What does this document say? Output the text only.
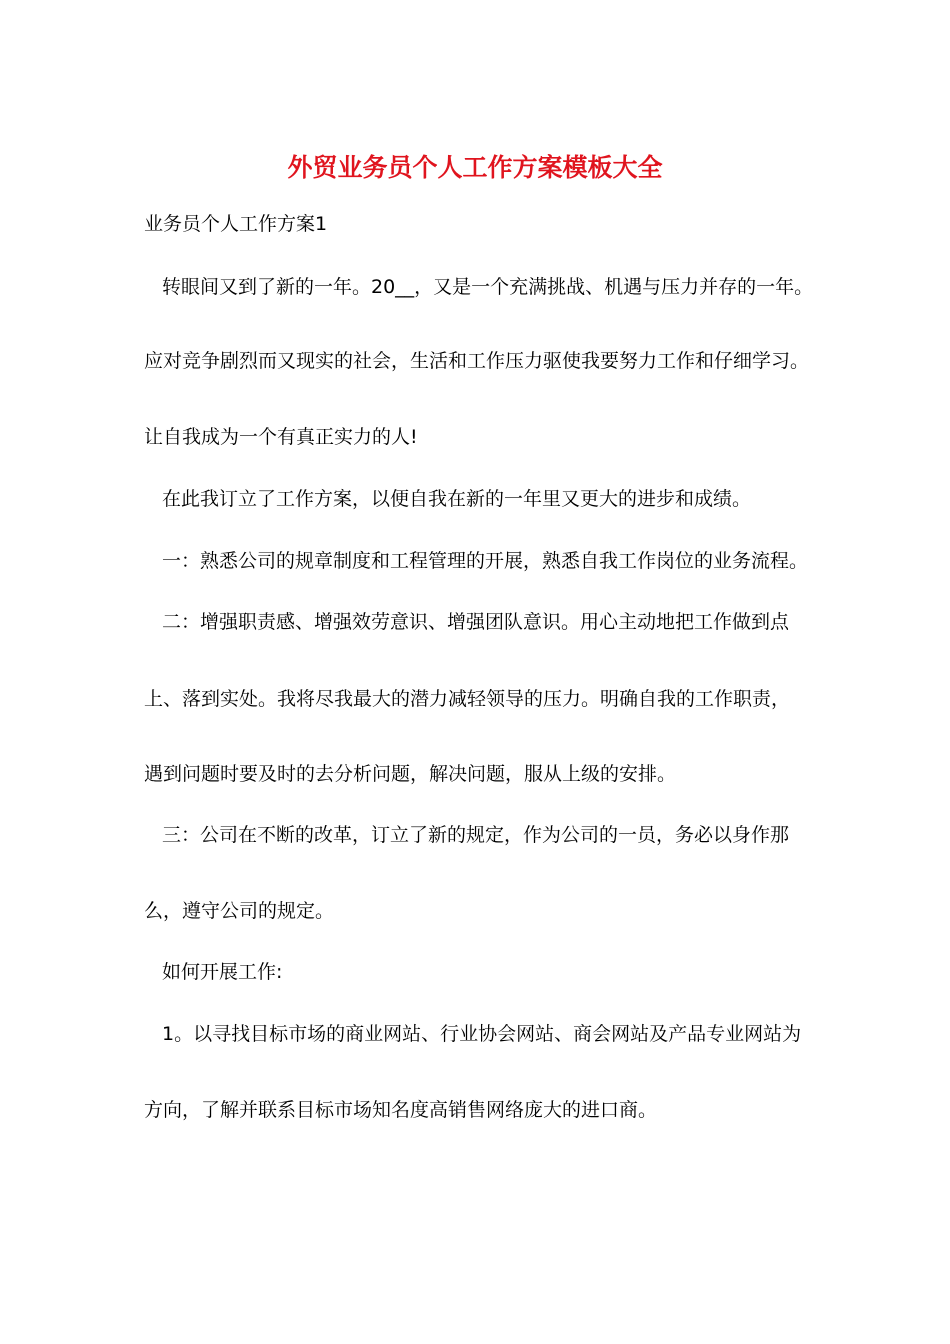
外贸业务员个人工作方案模板大全
业务员个人工作方案1
转眼间又到了新的一年。20__，又是一个充满挑战、机遇与压力并存的一年。
应对竞争剧烈而又现实的社会，生活和工作压力驱使我要努力工作和仔细学习。
让自我成为一个有真正实力的人!
在此我订立了工作方案，以便自我在新的一年里又更大的进步和成绩。
一：熟悉公司的规章制度和工程管理的开展，熟悉自我工作岗位的业务流程。
二：增强职责感、增强效劳意识、增强团队意识。用心主动地把工作做到点
上、落到实处。我将尽我最大的潜力减轻领导的压力。明确自我的工作职责，
遇到问题时要及时的去分析问题，解决问题，服从上级的安排。
三：公司在不断的改革，订立了新的规定，作为公司的一员，务必以身作那
么，遵守公司的规定。
如何开展工作:
1。以寻找目标市场的商业网站、行业协会网站、商会网站及产品专业网站为
方向，了解并联系目标市场知名度高销售网络庞大的进口商。
